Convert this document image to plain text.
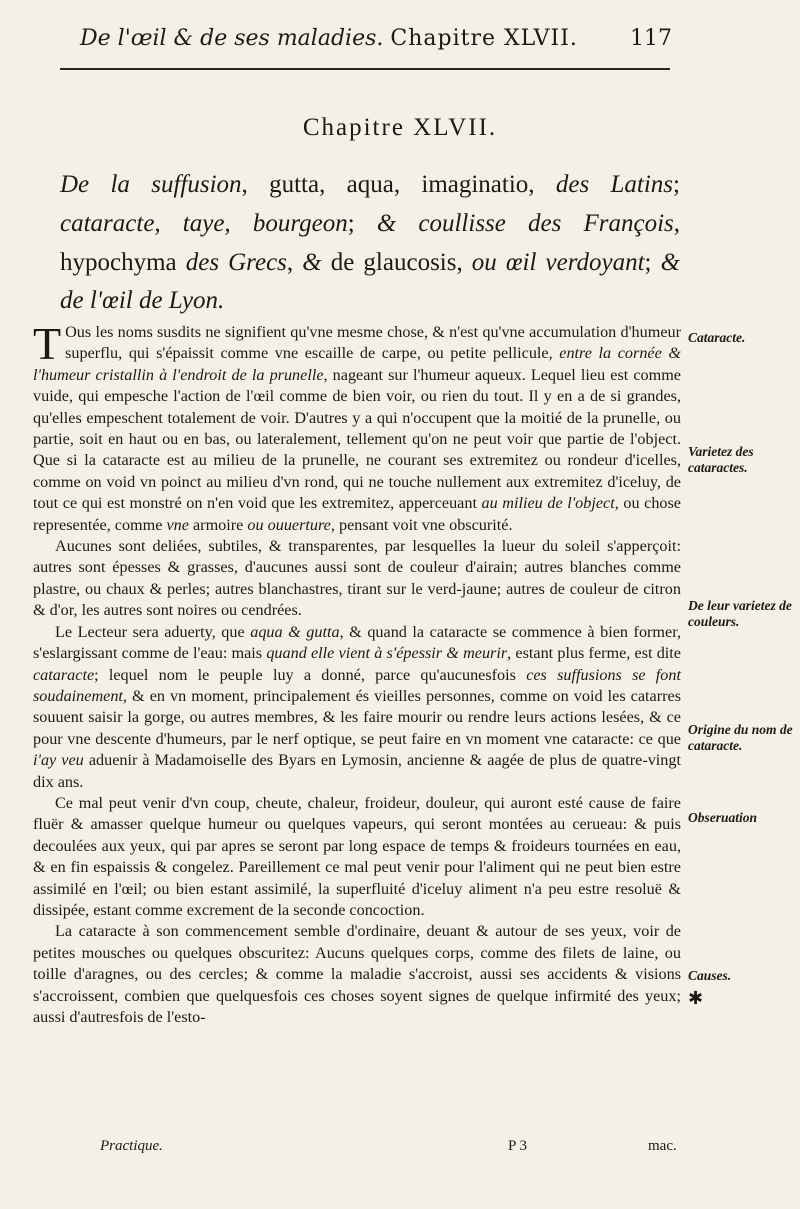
De l'œil & de ses maladies. Chapitre XLVII. 117
Chapitre XLVII.
De la suffusion, gutta, aqua, imaginatio, des Latins; cataracte, taye, bourgeon; & coullisse des François, hypochyma des Grecs, & de glaucosis, ou œil verdoyant; & de l'œil de Lyon.

T Ous les noms susdits ne signifient qu'vne mesme chose, & n'est qu'vne accumulation d'humeur superflu, qui s'épaissit comme vne escaille de carpe, ou petite pellicule, entre la cornée & l'humeur cristallin à l'endroit de la prunelle, nageant sur l'humeur aqueux. Lequel lieu est comme vuide, qui empesche l'action de l'œil comme de bien voir, ou rien du tout. Il y en a de si grandes, qu'elles empeschent totalement de voir. D'autres y a qui n'occupent que la moitié de la prunelle, ou partie, soit en haut ou en bas, ou lateralement, tellement qu'on ne peut voir que partie de l'object. Que si la cataracte est au milieu de la prunelle, ne courant ses extremitez ou rondeur d'icelles, comme on void vn poinct au milieu d'vn rond, qui ne touche nullement aux extremitez d'iceluy, de tout ce qui est monstré on n'en void que les extremitez, apperceuant au milieu de l'object, ou chose representée, comme vne armoire ou ouuerture, pensant voit vne obscurité.

Aucunes sont deliées, subtiles, & transparentes, par lesquelles la lueur du soleil s'apperçoit: autres sont épesses & grasses, d'aucunes aussi sont de couleur d'airain; autres blanches comme plastre, ou chaux & perles; autres blanchastres, tirant sur le verd-jaune; autres de couleur de citron & d'or, les autres sont noires ou cendrées.

Le Lecteur sera aduerty, que aqua & gutta, & quand la cataracte se commence à bien former, s'eslargissant comme de l'eau: mais quand elle vient à s'épessir & meurir, estant plus ferme, est dite cataracte; lequel nom le peuple luy a donné, parce qu'aucunesfois ces suffusions se font soudainement, & en vn moment, principalement és vieilles personnes, comme on void les catarres souuent saisir la gorge, ou autres membres, & les faire mourir ou rendre leurs actions lesées, & ce pour vne descente d'humeurs, par le nerf optique, se peut faire en vn moment vne cataracte: ce que i'ay veu aduenir à Madamoiselle des Byars en Lymosin, ancienne & aagée de plus de quatre-vingt dix ans.

Ce mal peut venir d'vn coup, cheute, chaleur, froideur, douleur, qui auront esté cause de faire fluër & amasser quelque humeur ou quelques vapeurs, qui seront montées au cerueau: & puis decoulées aux yeux, qui par apres se seront par long espace de temps & froideurs tournées en eau, & en fin espaissis & congelez. Pareillement ce mal peut venir pour l'aliment qui ne peut bien estre assimilé en l'œil; ou bien estant assimilé, la superfluité d'iceluy aliment n'a peu estre resoluë & dissipée, estant comme excrement de la seconde concoction.

La cataracte à son commencement semble d'ordinaire, deuant & autour de ses yeux, voir de petites mousches ou quelques obscuritez: Aucuns quelques corps, comme des filets de laine, ou toille d'aragnes, ou des cercles; & comme la maladie s'accroist, aussi ses accidents & visions s'accroissent, combien que quelquesfois ces choses soyent signes de quelque infirmité des yeux; aussi d'autresfois de l'esto-

Cataracte.
Varietez des cataractes.
De leur varietez de couleurs.
Origine du nom de cataracte.
Obseruation
Causes.
✱
Practique.	P 3	mac.
